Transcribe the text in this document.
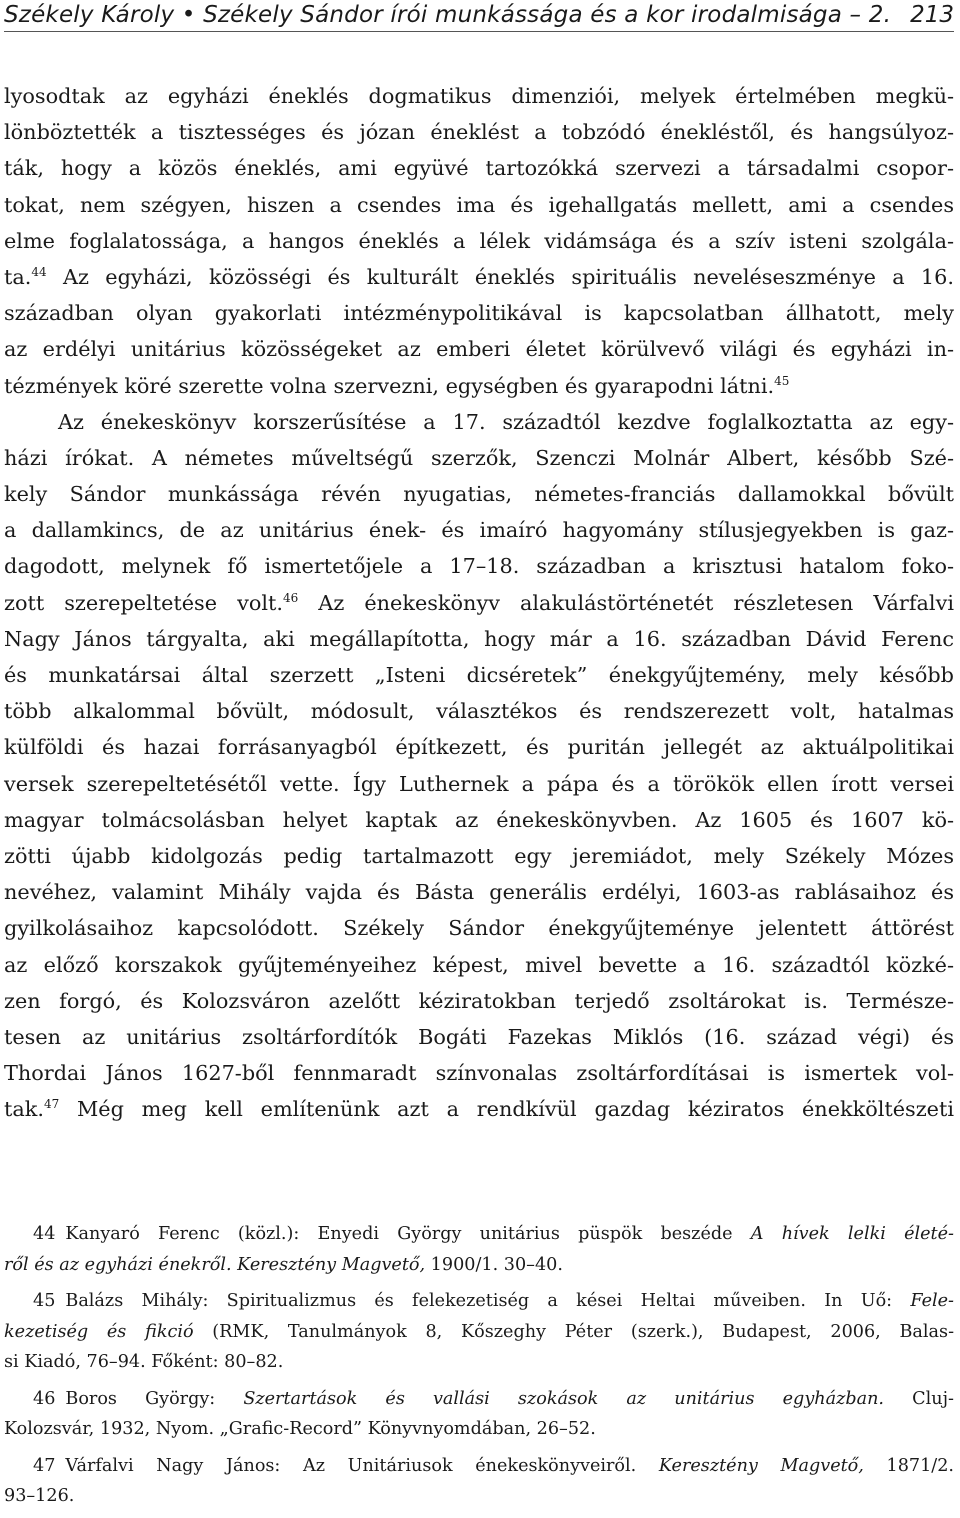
Székely Károly • Székely Sándor írói munkássága és a kor irodalmisága – 2. 213
lyosodtak az egyházi éneklés dogmatikus dimenziói, melyek értelmében megkü-
lönböztették a tisztességes és józan éneklést a tobzódó énekléstől, és hangsúlyoz-
ták, hogy a közös éneklés, ami együvé tartozókká szervezi a társadalmi csopor-
tokat, nem szégyen, hiszen a csendes ima és igehallgatás mellett, ami a csendes
elme foglalatossága, a hangos éneklés a lélek vidámsága és a szív isteni szolgála-
ta.$^{44}$ Az egyházi, közösségi és kulturált éneklés spirituális neveléseszménye a 16.
században olyan gyakorlati intézménypolitikával is kapcsolatban állhatott, mely
az erdélyi unitárius közösségeket az emberi életet körülvevő világi és egyházi in-
tézmények köré szerette volna szervezni, egységben és gyarapodni látni.$^{45}$
Az énekeskönyv korszerűsítése a 17. századtól kezdve foglalkoztatta az egy-
házi írókat. A németes műveltségű szerzők, Szenczi Molnár Albert, később Szé-
kely Sándor munkássága révén nyugatias, németes-franciás dallamokkal bővült
a dallamkincs, de az unitárius ének- és imaíró hagyomány stílusjegyekben is gaz-
dagodott, melynek fő ismertetőjele a 17–18. században a krisztusi hatalom foko-
zott szerepeltetése volt.$^{46}$ Az énekeskönyv alakulástörténetét részletesen Várfalvi
Nagy János tárgyalta, aki megállapította, hogy már a 16. században Dávid Ferenc
és munkatársai által szerzett „Isteni dicséretek” énekgyűjtemény, mely később
több alkalommal bővült, módosult, választékos és rendszerezett volt, hatalmas
külföldi és hazai forrásanyagból építkezett, és puritán jellegét az aktuálpolitikai
versek szerepeltetésétől vette. Így Luthernek a pápa és a törökök ellen írott versei
magyar tolmácsolásban helyet kaptak az énekeskönyvben. Az 1605 és 1607 kö-
zötti újabb kidolgozás pedig tartalmazott egy jeremiádot, mely Székely Mózes
nevéhez, valamint Mihály vajda és Básta generális erdélyi, 1603-as rablásaihoz és
gyilkolásaihoz kapcsolódott. Székely Sándor énekgyűjteménye jelentett áttörést
az előző korszakok gyűjteményeihez képest, mivel bevette a 16. századtól közké-
zen forgó, és Kolozsváron azelőtt kéziratokban terjedő zsoltárokat is. Természe-
tesen az unitárius zsoltárfordítók Bogáti Fazekas Miklós (16. század végi) és
Thordai János 1627-ből fennmaradt színvonalas zsoltárfordításai is ismertek vol-
tak.$^{47}$ Még meg kell említenünk azt a rendkívül gazdag kéziratos énekköltészeti
44 Kanyaró Ferenc (közl.): Enyedi György unitárius püspök beszéde A hívek lelki életé-
ről és az egyházi énekről. Keresztény Magvető, 1900/1. 30–40.
45 Balázs Mihály: Spiritualizmus és felekezetiség a kései Heltai műveiben. In Uő: Fele-
kezetiség és fikció (RMK, Tanulmányok 8, Kőszeghy Péter (szerk.), Budapest, 2006, Balas-
si Kiadó, 76–94. Főként: 80–82.
46 Boros György: Szertartások és vallási szokások az unitárius egyházban. Cluj-
Kolozsvár, 1932, Nyom. „Grafic-Record” Könyvnyomdában, 26–52.
47 Várfalvi Nagy János: Az Unitáriusok énekeskönyveiről. Keresztény Magvető, 1871/2.
93–126.
